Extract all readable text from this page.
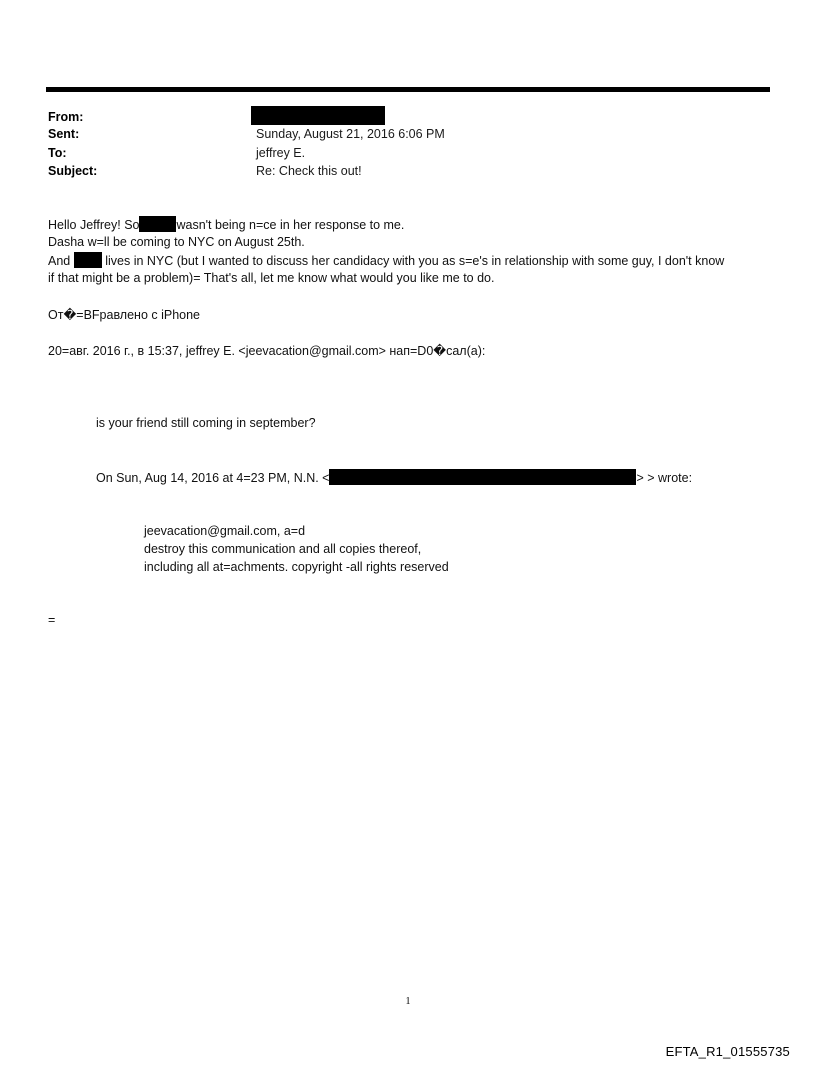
From:
Sent:	Sunday, August 21, 2016 6:06 PM
To:	jeffrey E.
Subject:	Re: Check this out!
Hello Jeffrey! So	wasn't being n=ce in her response to me.
Dasha w=ll be coming to NYC on August 25th.
And	lives in NYC (but I wanted to discuss her candidacy with you as s=e's in relationship with some guy, I don't know
if that might be a problem)= That's all, let me know what would you like me to do.
От�=BFравлено с iPhone
20=авг. 2016 г., в 15:37, jeffrey E. <jeevacation@gmail.com> нап=D0�сал(а):
is your friend still coming in september?
On Sun, Aug 14, 2016 at 4=23 PM, N.N. <	> > wrote:
jeevacation@gmail.com, a=d
destroy this communication and all copies thereof,
including all at=achments. copyright -all rights reserved
=
1
EFTA_R1_01555735
